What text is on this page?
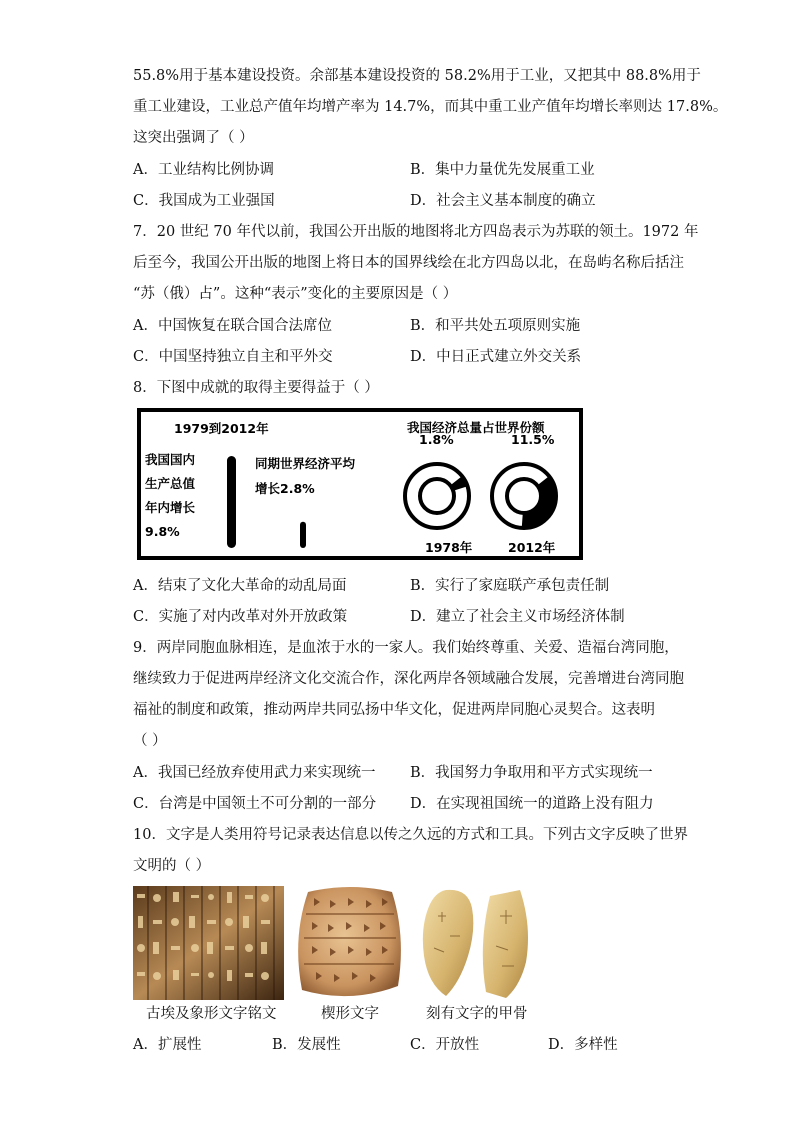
55.8%用于基本建设投资。余部基本建设投资的 58.2%用于工业，又把其中 88.8%用于
重工业建设，工业总产值年均增产率为 14.7%，而其中重工业产值年均增长率则达 17.8%。
这突出强调了（ ）
A．工业结构比例协调	B．集中力量优先发展重工业
C．我国成为工业强国	D．社会主义基本制度的确立
7．20 世纪 70 年代以前，我国公开出版的地图将北方四岛表示为苏联的领土。1972 年
后至今，我国公开出版的地图上将日本的国界线绘在北方四岛以北，在岛屿名称后括注
“苏（俄）占”。这种“表示”变化的主要原因是（ ）
A．中国恢复在联合国合法席位	B．和平共处五项原则实施
C．中国坚持独立自主和平外交	D．中日正式建立外交关系
8．下图中成就的取得主要得益于（ ）
1979到2012年
我国国内
生产总值
年内增长
9.8%
同期世界经济平均
增长2.8%
我国经济总量占世界份额
1.8%	11.5%
1978年	2012年
A．结束了文化大革命的动乱局面	B．实行了家庭联产承包责任制
C．实施了对内改革对外开放政策	D．建立了社会主义市场经济体制
9．两岸同胞血脉相连，是血浓于水的一家人。我们始终尊重、关爱、造福台湾同胞，
继续致力于促进两岸经济文化交流合作，深化两岸各领域融合发展，完善增进台湾同胞
福祉的制度和政策，推动两岸共同弘扬中华文化，促进两岸同胞心灵契合。这表明
（ ）
A．我国已经放弃使用武力来实现统一 B．我国努力争取用和平方式实现统一
C．台湾是中国领土不可分割的一部分 D．在实现祖国统一的道路上没有阻力
10．文字是人类用符号记录表达信息以传之久远的方式和工具。下列古文字反映了世界
文明的（ ）
古埃及象形文字铭文	楔形文字	刻有文字的甲骨
A．扩展性	B．发展性	C．开放性	D．多样性
